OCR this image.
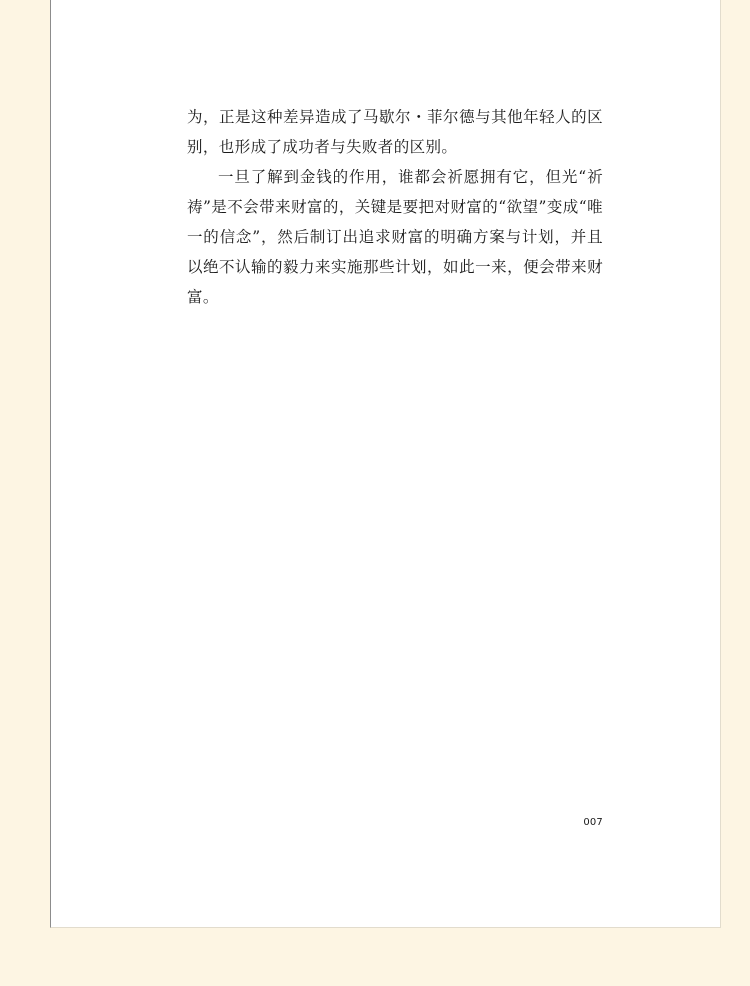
为，正是这种差异造成了马歇尔・菲尔德与其他年轻人的区别，也形成了成功者与失败者的区别。

一旦了解到金钱的作用，谁都会祈愿拥有它，但光“祈祷”是不会带来财富的，关键是要把对财富的“欲望”变成“唯一的信念”，然后制订出追求财富的明确方案与计划，并且以绝不认输的毅力来实施那些计划，如此一来，便会带来财富。

007
